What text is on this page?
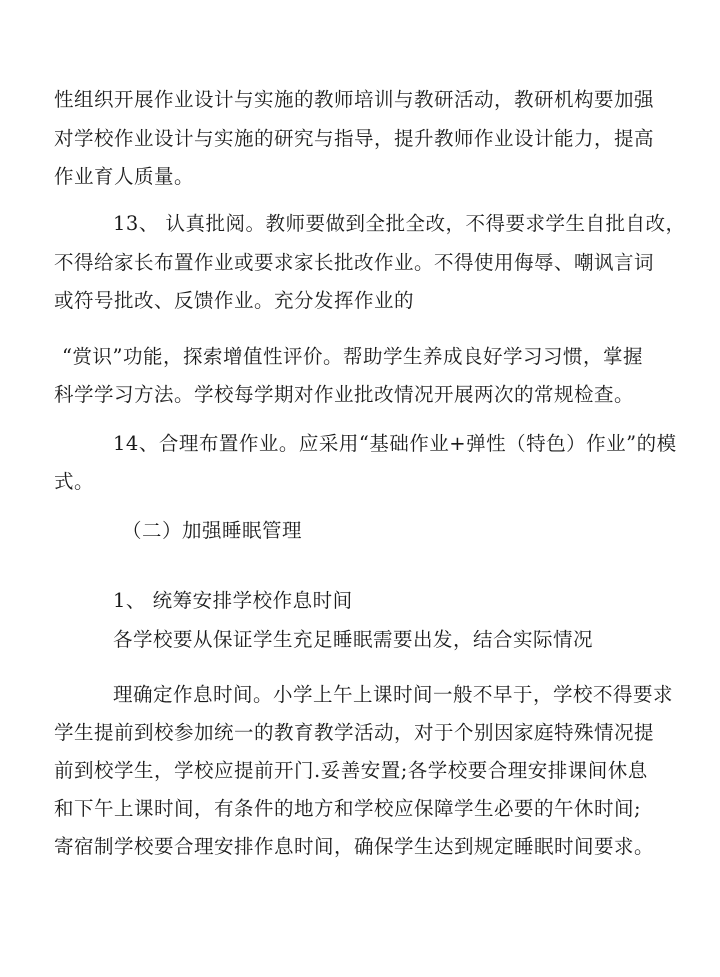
性组织开展作业设计与实施的教师培训与教研活动，教研机构要加强
对学校作业设计与实施的研究与指导，提升教师作业设计能力，提高
作业育人质量。
13、 认真批阅。教师要做到全批全改，不得要求学生自批自改，
不得给家长布置作业或要求家长批改作业。不得使用侮辱、嘲讽言词
或符号批改、反馈作业。充分发挥作业的
“赏识”功能，探索增值性评价。帮助学生养成良好学习习惯，掌握
科学学习方法。学校每学期对作业批改情况开展两次的常规检查。
14、合理布置作业。应采用“基础作业+弹性（特色）作业”的模
式。
（二）加强睡眠管理
1、 统筹安排学校作息时间
各学校要从保证学生充足睡眠需要出发，结合实际情况
理确定作息时间。小学上午上课时间一般不早于，学校不得要求
学生提前到校参加统一的教育教学活动，对于个别因家庭特殊情况提
前到校学生，学校应提前开门.妥善安置;各学校要合理安排课间休息
和下午上课时间，有条件的地方和学校应保障学生必要的午休时间;
寄宿制学校要合理安排作息时间，确保学生达到规定睡眠时间要求。
